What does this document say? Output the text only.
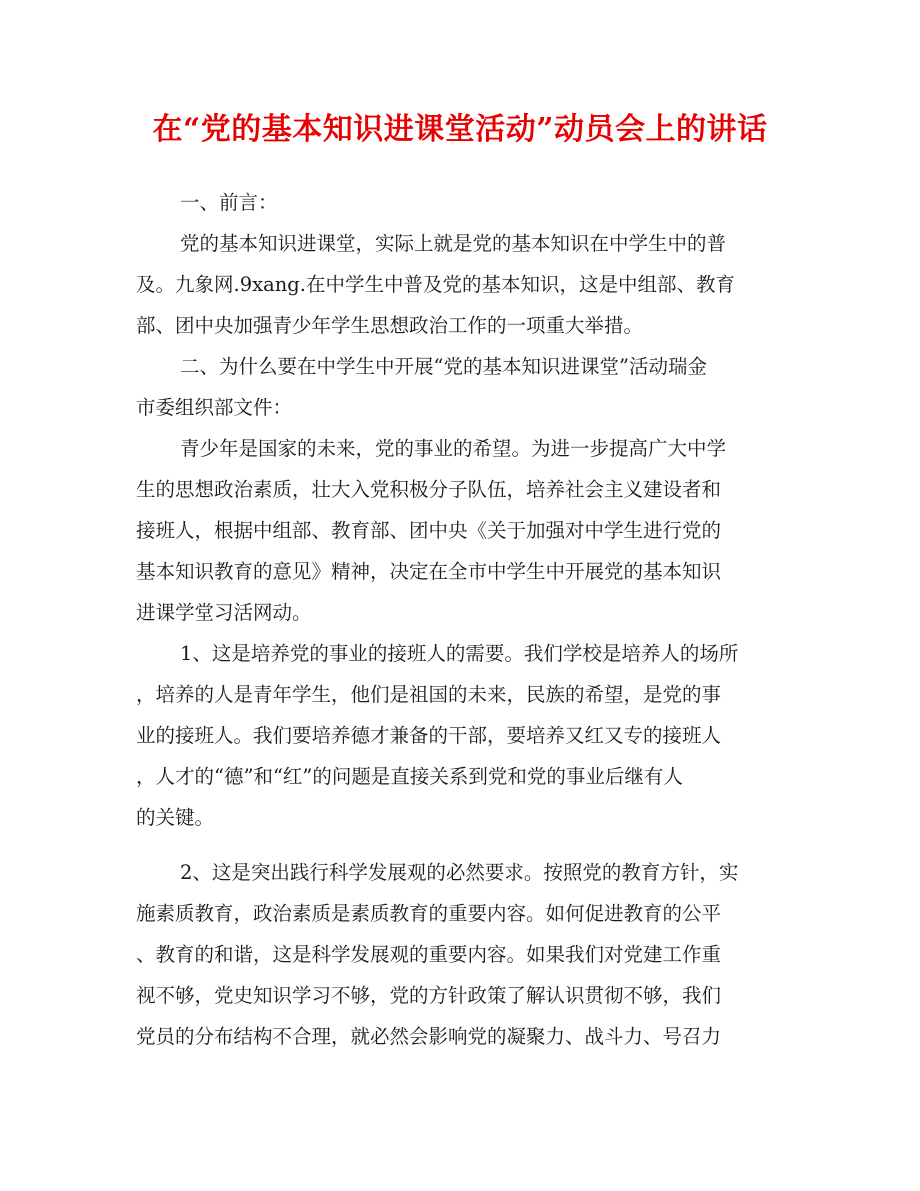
在“党的基本知识进课堂活动”动员会上的讲话
一、前言：
党的基本知识进课堂，实际上就是党的基本知识在中学生中的普
及。九象网.9xang.在中学生中普及党的基本知识，这是中组部、教育
部、团中央加强青少年学生思想政治工作的一项重大举措。
二、为什么要在中学生中开展“党的基本知识进课堂”活动瑞金
市委组织部文件：
青少年是国家的未来，党的事业的希望。为进一步提高广大中学
生的思想政治素质，壮大入党积极分子队伍，培养社会主义建设者和
接班人，根据中组部、教育部、团中央《关于加强对中学生进行党的
基本知识教育的意见》精神，决定在全市中学生中开展党的基本知识
进课学堂习活网动。
1、这是培养党的事业的接班人的需要。我们学校是培养人的场所
，培养的人是青年学生，他们是祖国的未来，民族的希望，是党的事
业的接班人。我们要培养德才兼备的干部，要培养又红又专的接班人
，人才的“德”和“红”的问题是直接关系到党和党的事业后继有人
的关键。
2、这是突出践行科学发展观的必然要求。按照党的教育方针，实
施素质教育，政治素质是素质教育的重要内容。如何促进教育的公平
、教育的和谐，这是科学发展观的重要内容。如果我们对党建工作重
视不够，党史知识学习不够，党的方针政策了解认识贯彻不够，我们
党员的分布结构不合理，就必然会影响党的凝聚力、战斗力、号召力
